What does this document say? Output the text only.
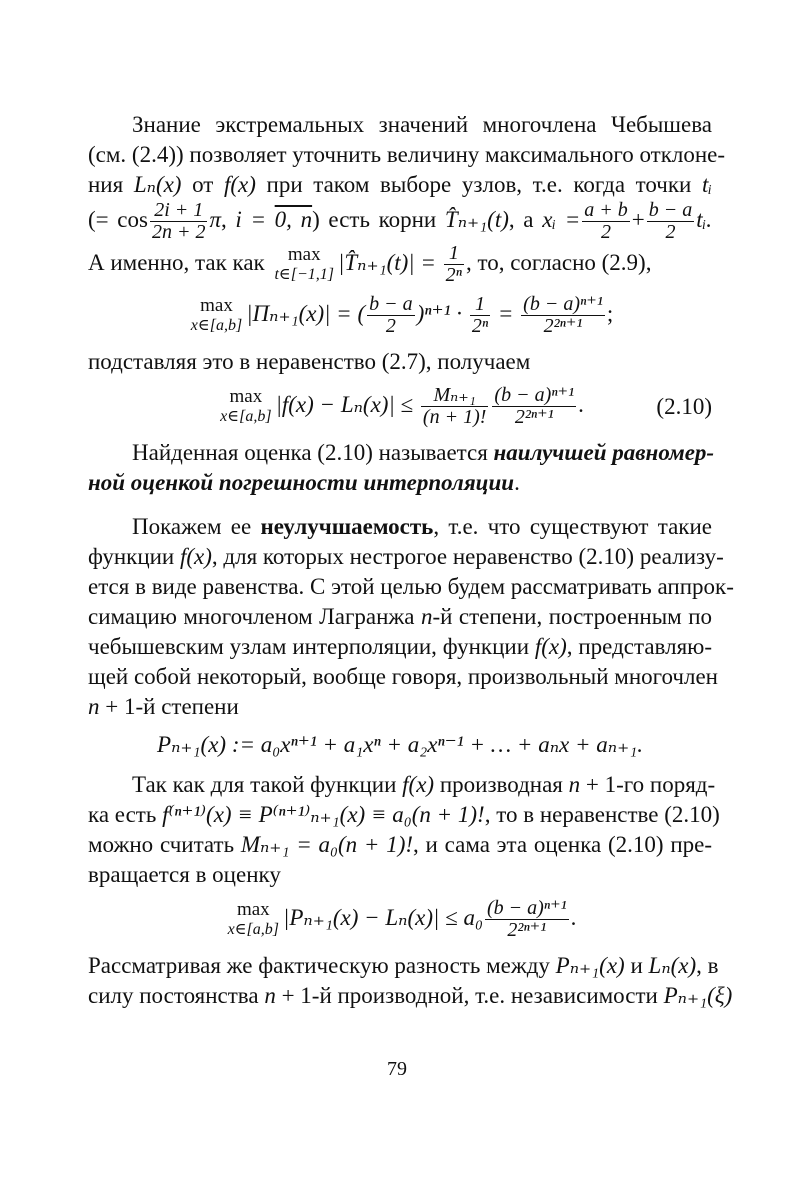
Знание экстремальных значений многочлена Чебышева
(см. (2.4)) позволяет уточнить величину максимального отклоне-
ния Lₙ(x) от f(x) при таком выборе узлов, т.е. когда точки tᵢ
(= $\cos \frac{2i + 1}{2n + 2} \pi$, i = 0, n) есть корни T̂ₙ₊₁(t), а xᵢ = $\frac{a + b}{2} + \frac{b - a}{2}$ tᵢ.
А именно, так как max
t∈[−1,1] |T̂ₙ₊₁(t)| = $\frac{1}{\text{2ⁿ}}$ , то, согласно (2.9),
max
x∈[a,b] |Πₙ₊₁(x)| = ( $\frac{b - a}{2} )^{n+1} \cdot \frac{1}{\text{2ⁿ}} = \frac{\text{(b − a)ⁿ⁺¹}}{\text{2²ⁿ⁺¹}}$ ;
подставляя это в неравенство (2.7), получаем
max
x∈[a,b] $|f(x) - L_n(x)| \le \frac{\text{Mₙ₊₁}}{(n + 1)!} \frac{\text{(b − a)ⁿ⁺¹}}{\text{2²ⁿ⁺¹}}$ .	(2.10)
Найденная оценка (2.10) называется наилучшей равномер-
ной оценкой погрешности интерполяции.
Покажем ее неулучшаемость, т.е. что существуют такие
функции f(x), для которых нестрогое неравенство (2.10) реализу-
ется в виде равенства. С этой целью будем рассматривать аппрок-
симацию многочленом Лагранжа n-й степени, построенным по
чебышевским узлам интерполяции, функции f(x), представляю-
щей собой некоторый, вообще говоря, произвольный многочлен
n + 1-й степени
Pₙ₊₁(x) := a₀xⁿ⁺¹ + a₁xⁿ + a₂xⁿ⁻¹ + … + aₙx + aₙ₊₁.
Так как для такой функции f(x) производная n + 1-го поряд-
ка есть f⁽ⁿ⁺¹⁾(x) ≡ P⁽ⁿ⁺¹⁾ₙ₊₁(x) ≡ a₀(n + 1)!, то в неравенстве (2.10)
можно считать Mₙ₊₁ = a₀(n + 1)!, и сама эта оценка (2.10) пре-
вращается в оценку
max
x∈[a,b] $|P_{n+1}(x) - L_n(x)| \le a_0 \frac{\text{(b − a)ⁿ⁺¹}}{\text{2²ⁿ⁺¹}}$ .
Рассматривая же фактическую разность между Pₙ₊₁(x) и Lₙ(x), в
силу постоянства n + 1-й производной, т.е. независимости Pₙ₊₁(ξ)
79
